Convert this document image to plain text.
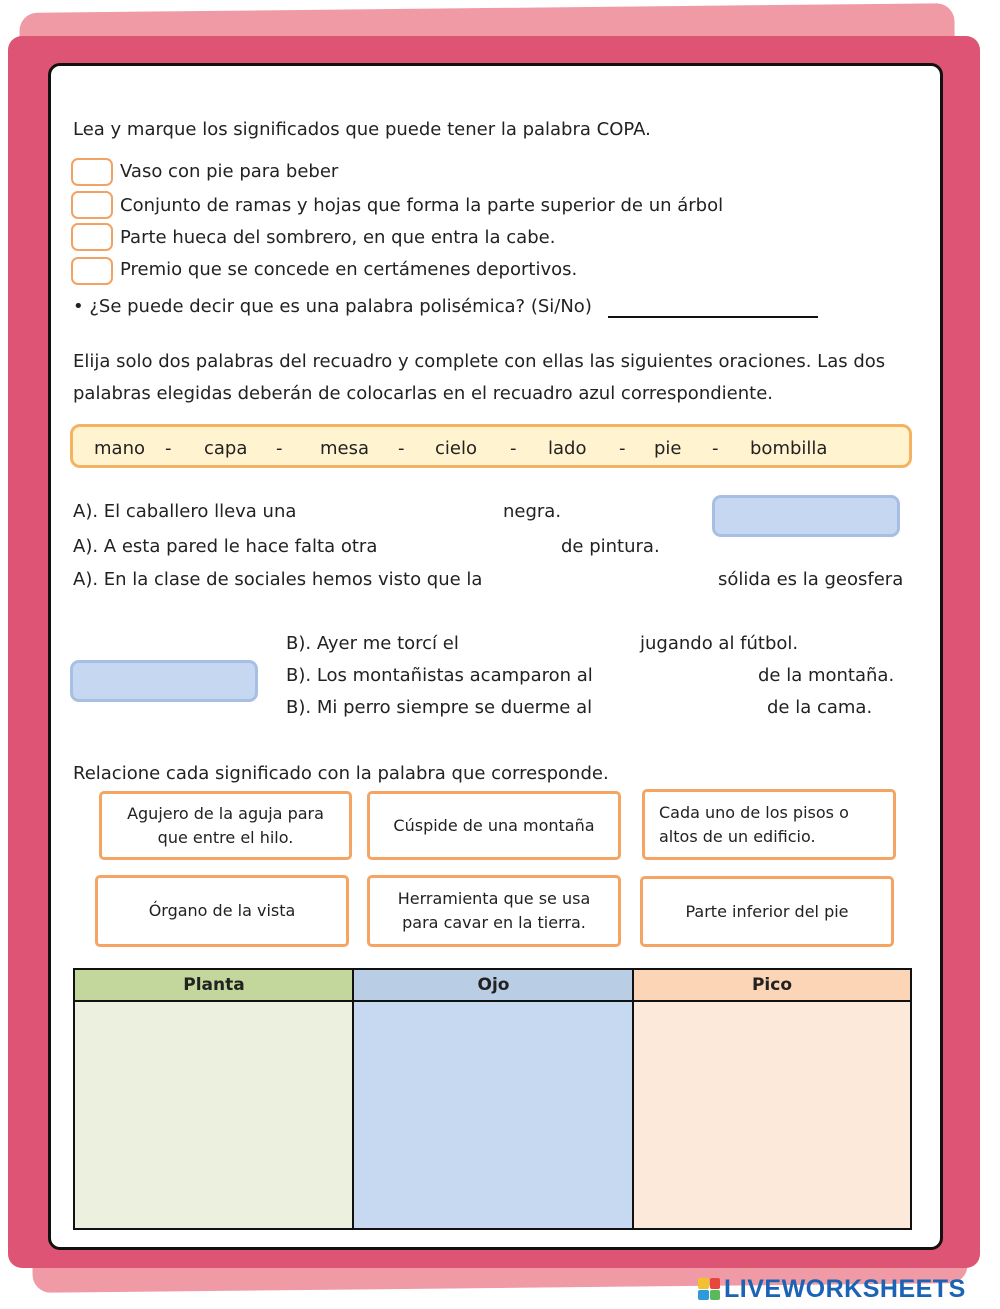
Lea y marque los significados que puede tener la palabra COPA.
Vaso con pie para beber
Conjunto de ramas y hojas que forma la parte superior de un árbol
Parte hueca del sombrero, en que entra la cabe.
Premio que se concede en certámenes deportivos.
• ¿Se puede decir que es una palabra polisémica? (Si/No)
Elija solo dos palabras del recuadro y complete con ellas las siguientes oraciones. Las dos
palabras elegidas deberán de colocarlas en el recuadro azul correspondiente.
mano - capa - mesa - cielo - lado - pie - bombilla
A). El caballero lleva una	negra.
A). A esta pared le hace falta otra	de pintura.
A). En la clase de sociales hemos visto que la	sólida es la geosfera
B). Ayer me torcí el	jugando al fútbol.
B). Los montañistas acamparon al	de la montaña.
B). Mi perro siempre se duerme al	de la cama.
Relacione cada significado con la palabra que corresponde.
Agujero de la aguja para
que entre el hilo.
Cúspide de una montaña
Cada uno de los pisos o
altos de un edificio.
Órgano de la vista
Herramienta que se usa
para cavar en la tierra.
Parte inferior del pie
Planta	Ojo	Pico
LIVEWORKSHEETS
